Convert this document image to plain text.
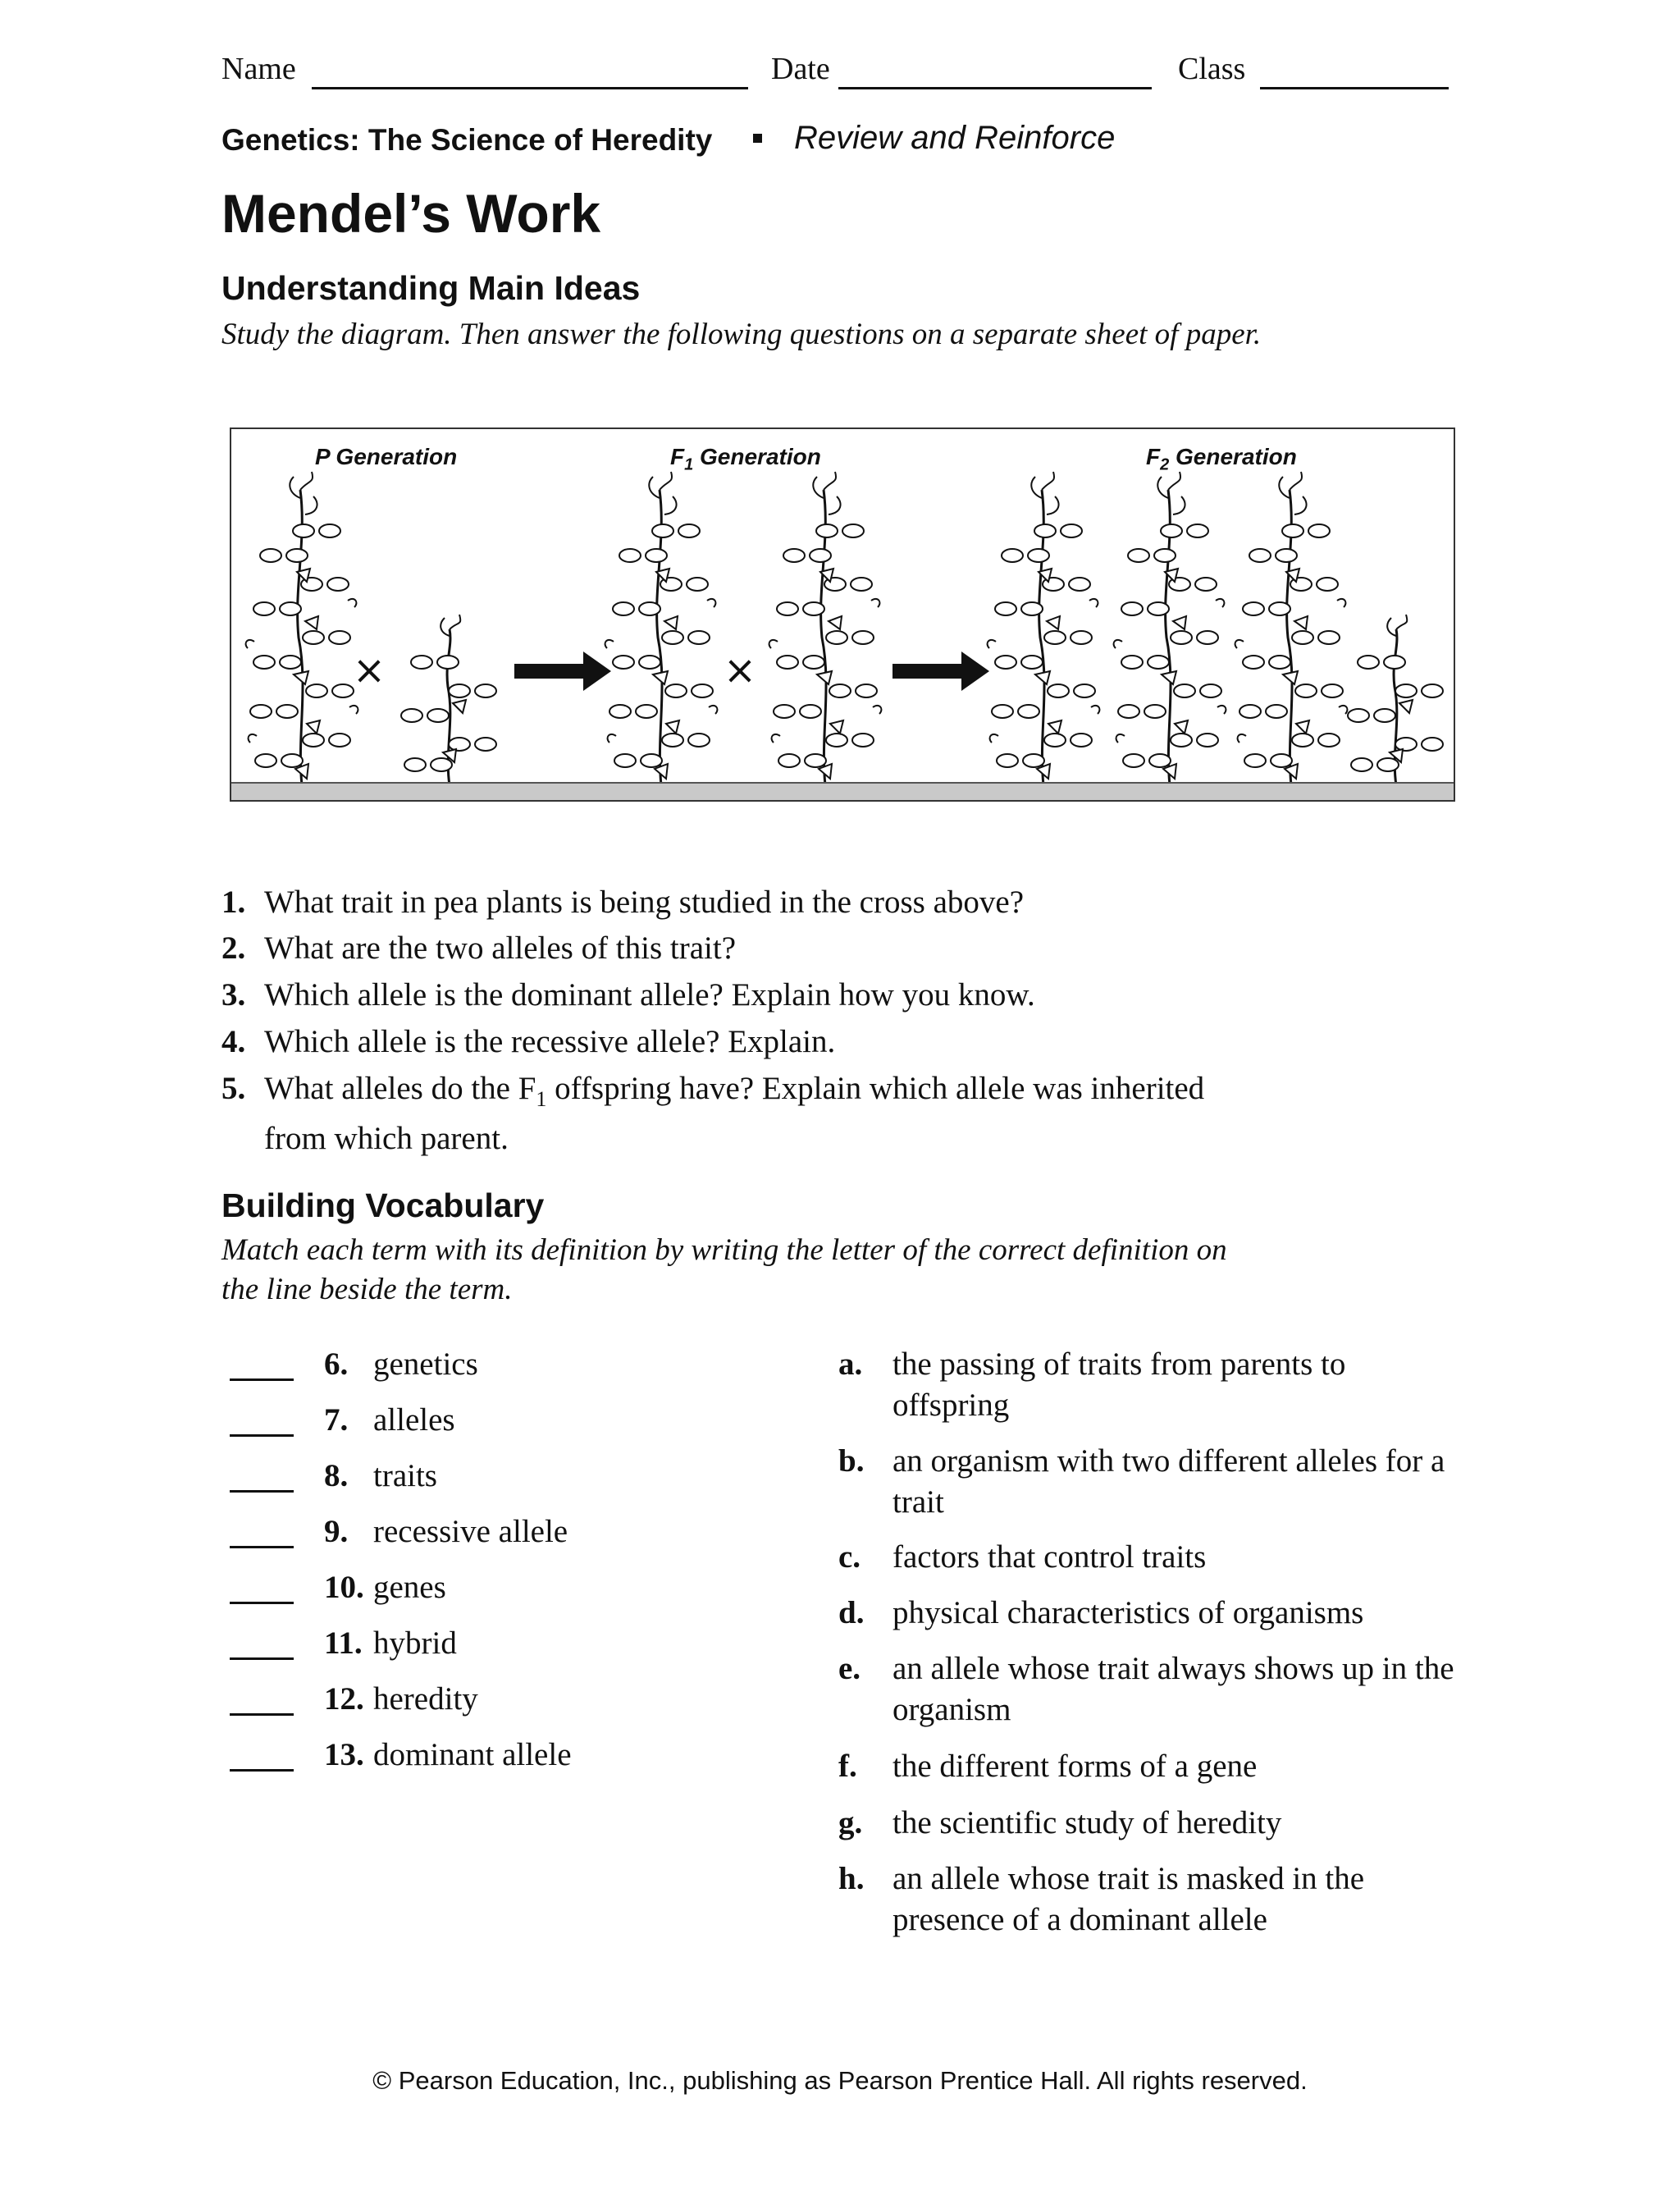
Name	Date	Class
Genetics: The Science of Heredity Review and Reinforce
Mendel’s Work
Understanding Main Ideas
Study the diagram. Then answer the following questions on a separate sheet of paper.
P Generation	$F_1$ Generation	$F_2$ Generation
×	×
1. What trait in pea plants is being studied in the cross above?
2. What are the two alleles of this trait?
3. Which allele is the dominant allele? Explain how you know.
4. Which allele is the recessive allele? Explain.
5. What alleles do the $F_1$ offspring have? Explain which allele was inherited
from which parent.
Building Vocabulary
Match each term with its definition by writing the letter of the correct definition on
the line beside the term.
6. genetics
7. alleles
8. traits
9. recessive allele
10. genes
11. hybrid
12. heredity
13. dominant allele
a. the passing of traits from parents to offspring
b. an organism with two different alleles for a trait
c. factors that control traits
d. physical characteristics of organisms
e. an allele whose trait always shows up in the organism
f. the different forms of a gene
g. the scientific study of heredity
h. an allele whose trait is masked in the presence of a dominant allele
© Pearson Education, Inc., publishing as Pearson Prentice Hall. All rights reserved.
